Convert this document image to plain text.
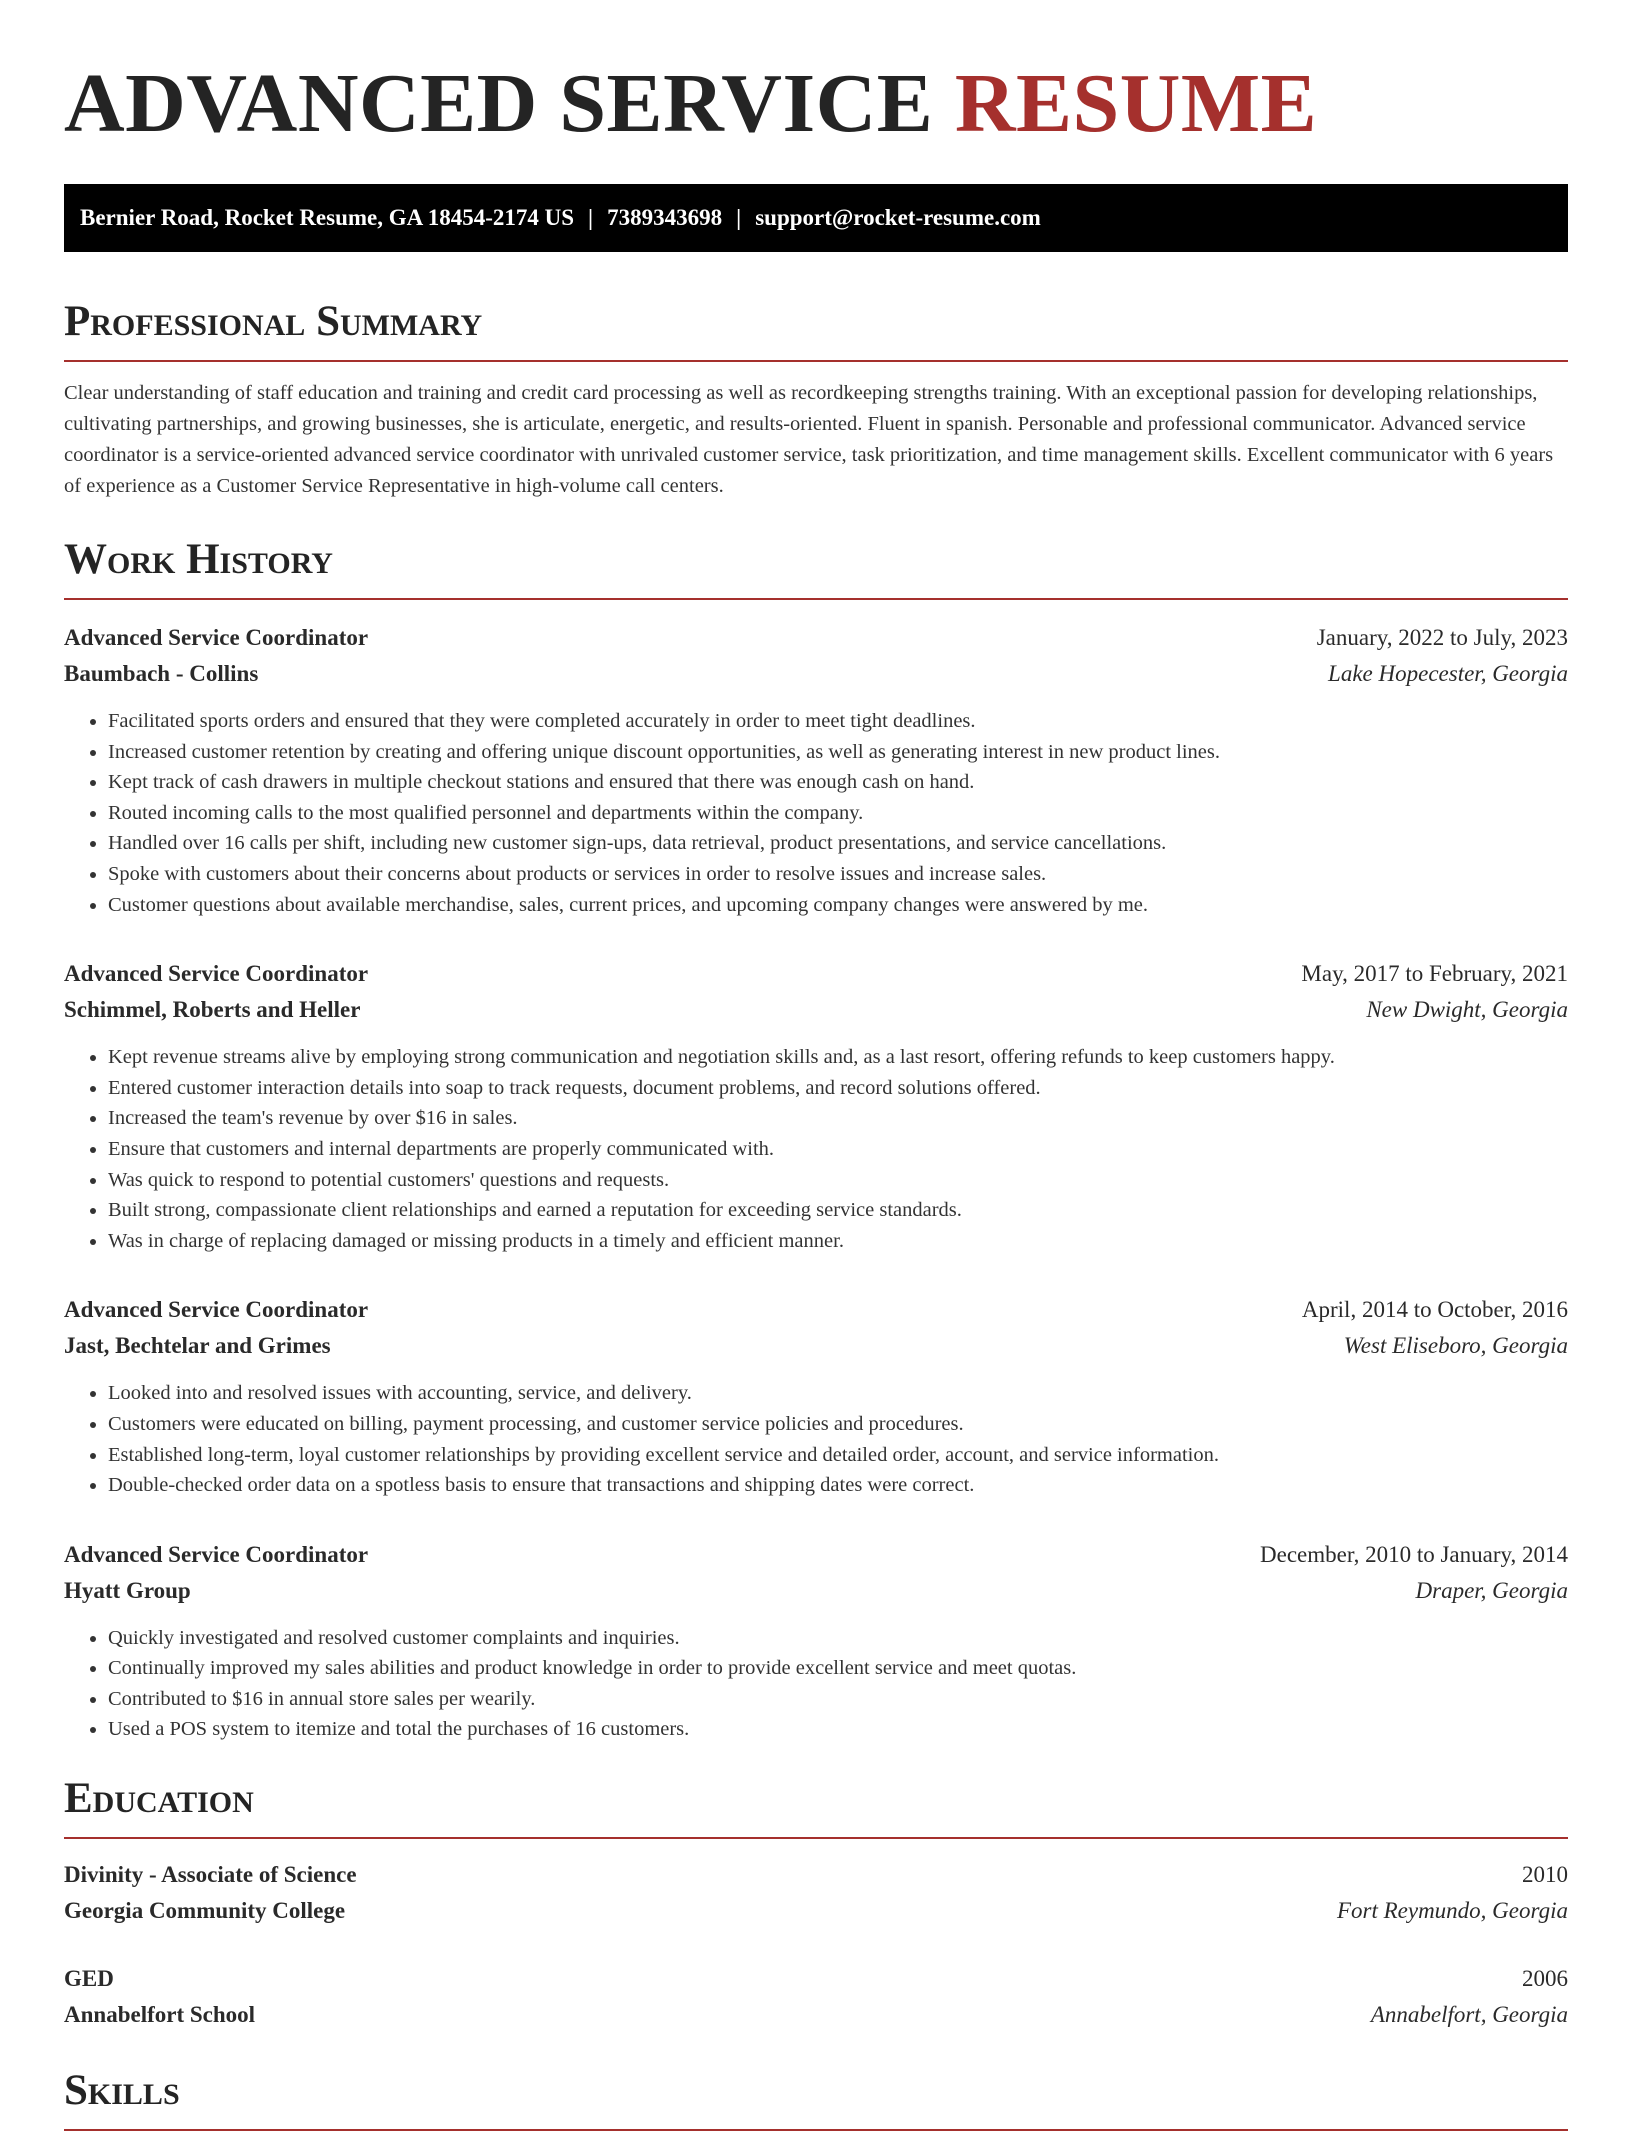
ADVANCED SERVICE RESUME
Bernier Road, Rocket Resume, GA 18454-2174 US | 7389343698 | support@rocket-resume.com
Professional Summary

Clear understanding of staff education and training and credit card processing as well as recordkeeping strengths training. With an exceptional passion for developing relationships, cultivating partnerships, and growing businesses, she is articulate, energetic, and results-oriented. Fluent in spanish. Personable and professional communicator. Advanced service coordinator is a service-oriented advanced service coordinator with unrivaled customer service, task prioritization, and time management skills. Excellent communicator with 6 years of experience as a Customer Service Representative in high-volume call centers.

Work History
Advanced Service Coordinator	January, 2022 to July, 2023
Baumbach - Collins	Lake Hopecester, Georgia
• Facilitated sports orders and ensured that they were completed accurately in order to meet tight deadlines.
• Increased customer retention by creating and offering unique discount opportunities, as well as generating interest in new product lines.
• Kept track of cash drawers in multiple checkout stations and ensured that there was enough cash on hand.
• Routed incoming calls to the most qualified personnel and departments within the company.
• Handled over 16 calls per shift, including new customer sign-ups, data retrieval, product presentations, and service cancellations.
• Spoke with customers about their concerns about products or services in order to resolve issues and increase sales.
• Customer questions about available merchandise, sales, current prices, and upcoming company changes were answered by me.
Advanced Service Coordinator	May, 2017 to February, 2021
Schimmel, Roberts and Heller	New Dwight, Georgia
• Kept revenue streams alive by employing strong communication and negotiation skills and, as a last resort, offering refunds to keep customers happy.
• Entered customer interaction details into soap to track requests, document problems, and record solutions offered.
• Increased the team's revenue by over $16 in sales.
• Ensure that customers and internal departments are properly communicated with.
• Was quick to respond to potential customers' questions and requests.
• Built strong, compassionate client relationships and earned a reputation for exceeding service standards.
• Was in charge of replacing damaged or missing products in a timely and efficient manner.
Advanced Service Coordinator	April, 2014 to October, 2016
Jast, Bechtelar and Grimes	West Eliseboro, Georgia
• Looked into and resolved issues with accounting, service, and delivery.
• Customers were educated on billing, payment processing, and customer service policies and procedures.
• Established long-term, loyal customer relationships by providing excellent service and detailed order, account, and service information.
• Double-checked order data on a spotless basis to ensure that transactions and shipping dates were correct.
Advanced Service Coordinator	December, 2010 to January, 2014
Hyatt Group	Draper, Georgia
• Quickly investigated and resolved customer complaints and inquiries.
• Continually improved my sales abilities and product knowledge in order to provide excellent service and meet quotas.
• Contributed to $16 in annual store sales per wearily.
• Used a POS system to itemize and total the purchases of 16 customers.
Education
Divinity - Associate of Science	2010
Georgia Community College	Fort Reymundo, Georgia
GED	2006
Annabelfort School	Annabelfort, Georgia
Skills
